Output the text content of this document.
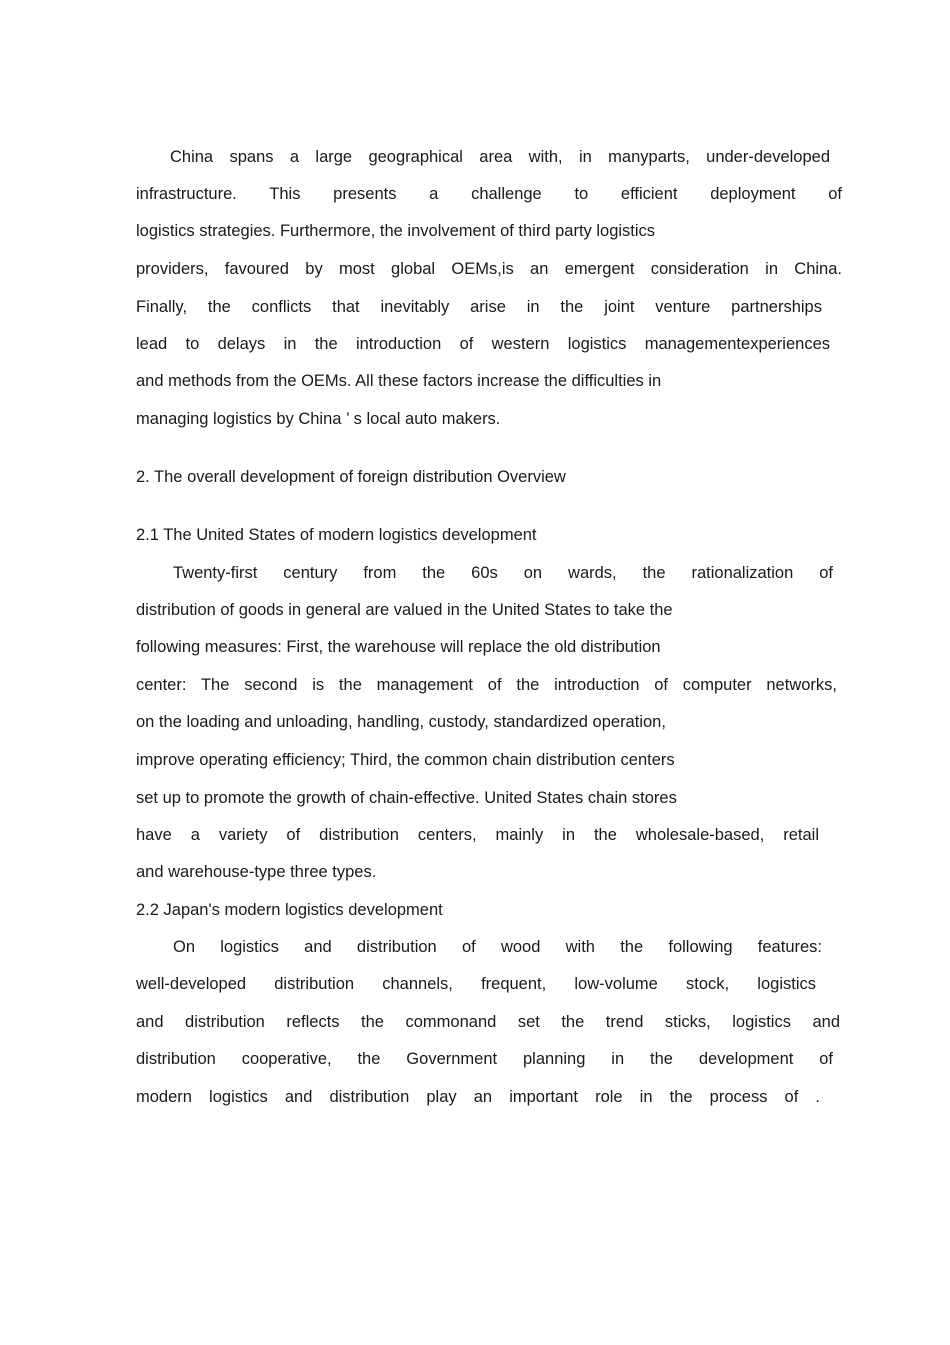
China spans a large geographical area with, in manyparts, under-developed
infrastructure. This presents a challenge to efficient deployment of
logistics strategies. Furthermore, the involvement of third party logistics
providers, favoured by most global OEMs,is an emergent consideration in China.
Finally, the conflicts that inevitably arise in the joint venture partnerships
lead to delays in the introduction of western logistics managementexperiences
and methods from the OEMs. All these factors increase the difficulties in
managing logistics by China ’ s local auto makers.
2. The overall development of foreign distribution Overview
2.1 The United States of modern logistics development
Twenty-first century from the 60s on wards, the rationalization of
distribution of goods in general are valued in the United States to take the
following measures: First, the warehouse will replace the old distribution
center: The second is the management of the introduction of computer networks,
on the loading and unloading, handling, custody, standardized operation,
improve operating efficiency; Third, the common chain distribution centers
set up to promote the growth of chain-effective. United States chain stores
have a variety of distribution centers, mainly in the wholesale-based, retail
and warehouse-type three types.
2.2 Japan's modern logistics development
On logistics and distribution of wood with the following features:
well-developed distribution channels, frequent, low-volume stock, logistics
and distribution reflects the commonand set the trend sticks, logistics and
distribution cooperative, the Government planning in the development of
modern logistics and distribution play an important role in the process of .
